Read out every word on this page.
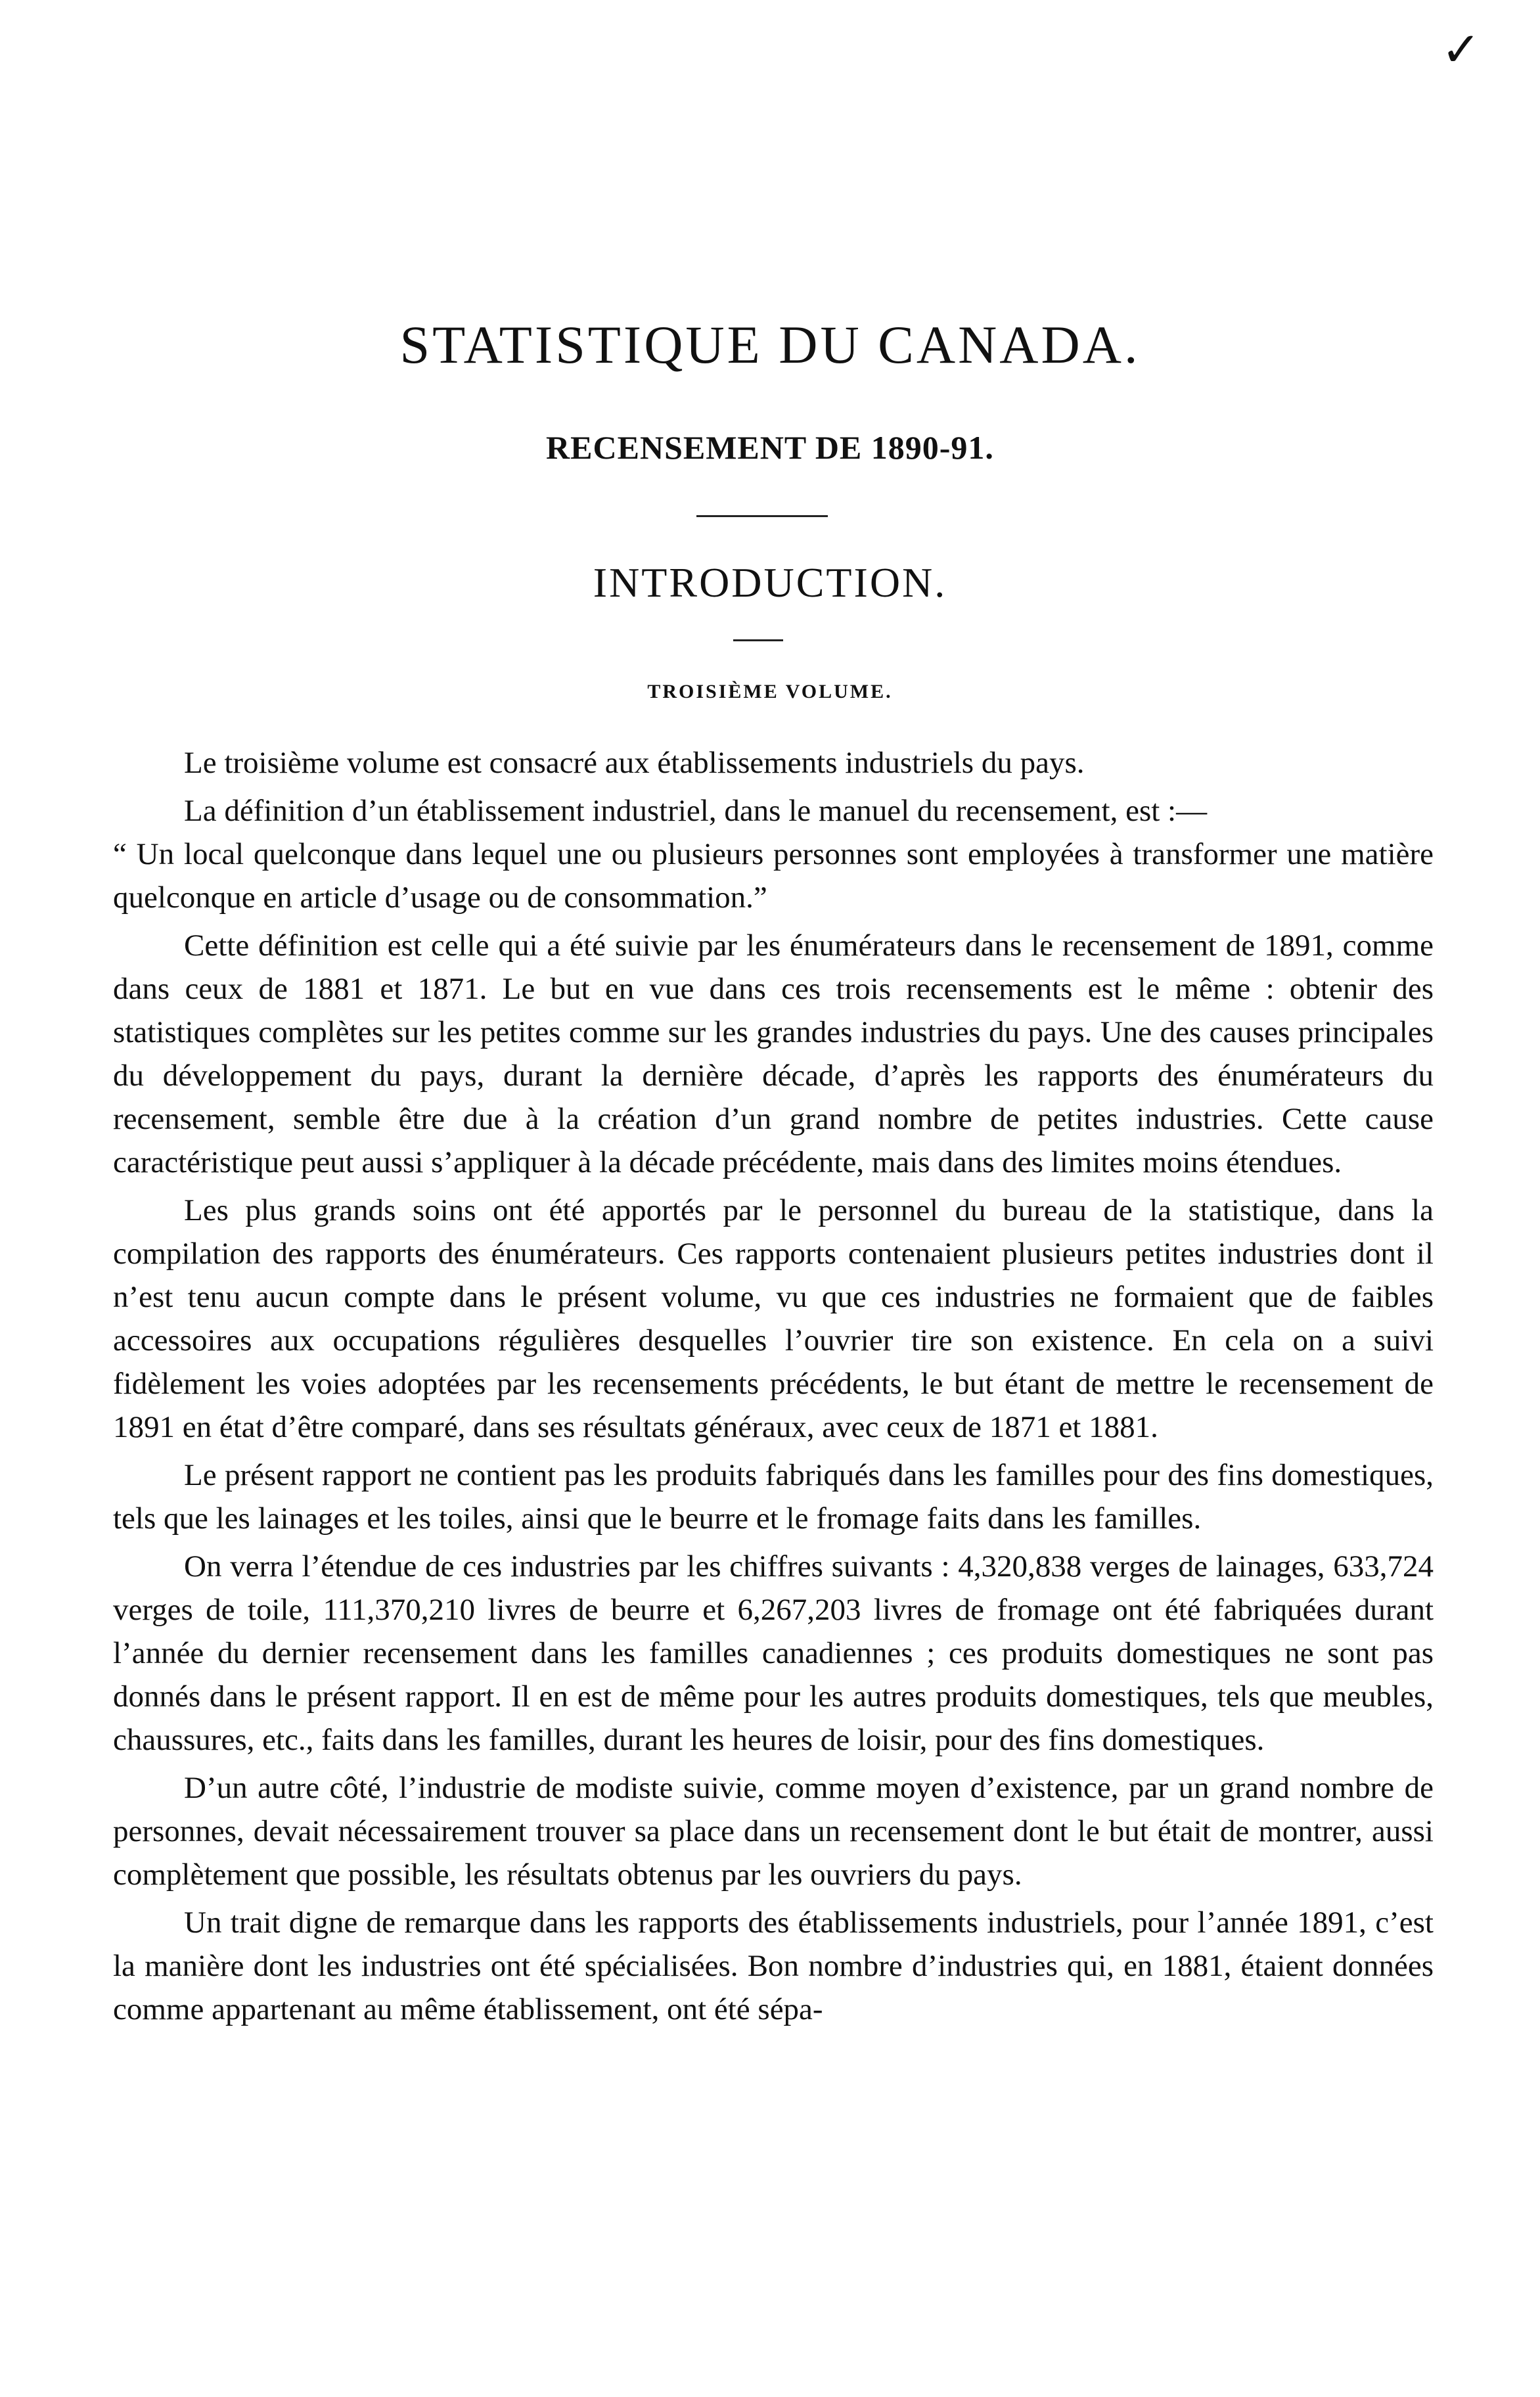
✓
STATISTIQUE DU CANADA.
RECENSEMENT DE 1890-91.
INTRODUCTION.
TROISIÈME VOLUME.

Le troisième volume est consacré aux établissements industriels du pays.

La définition d’un établissement industriel, dans le manuel du recensement, est :—

“ Un local quelconque dans lequel une ou plusieurs personnes sont employées à transformer une matière quelconque en article d’usage ou de consommation.”

Cette définition est celle qui a été suivie par les énumérateurs dans le recensement de 1891, comme dans ceux de 1881 et 1871. Le but en vue dans ces trois recensements est le même : obtenir des statistiques complètes sur les petites comme sur les grandes industries du pays. Une des causes principales du développement du pays, durant la dernière décade, d’après les rapports des énumérateurs du recensement, semble être due à la création d’un grand nombre de petites industries. Cette cause caractéristique peut aussi s’appliquer à la décade précédente, mais dans des limites moins étendues.

Les plus grands soins ont été apportés par le personnel du bureau de la statistique, dans la compilation des rapports des énumérateurs. Ces rapports contenaient plusieurs petites industries dont il n’est tenu aucun compte dans le présent volume, vu que ces industries ne formaient que de faibles accessoires aux occupations régulières desquelles l’ouvrier tire son existence. En cela on a suivi fidèlement les voies adoptées par les recensements précédents, le but étant de mettre le recensement de 1891 en état d’être comparé, dans ses résultats généraux, avec ceux de 1871 et 1881.

Le présent rapport ne contient pas les produits fabriqués dans les familles pour des fins domestiques, tels que les lainages et les toiles, ainsi que le beurre et le fromage faits dans les familles.

On verra l’étendue de ces industries par les chiffres suivants : 4,320,838 verges de lainages, 633,724 verges de toile, 111,370,210 livres de beurre et 6,267,203 livres de fromage ont été fabriquées durant l’année du dernier recensement dans les familles canadiennes ; ces produits domestiques ne sont pas donnés dans le présent rapport. Il en est de même pour les autres produits domestiques, tels que meubles, chaussures, etc., faits dans les familles, durant les heures de loisir, pour des fins domestiques.

D’un autre côté, l’industrie de modiste suivie, comme moyen d’existence, par un grand nombre de personnes, devait nécessairement trouver sa place dans un recensement dont le but était de montrer, aussi complètement que possible, les résultats obtenus par les ouvriers du pays.

Un trait digne de remarque dans les rapports des établissements industriels, pour l’année 1891, c’est la manière dont les industries ont été spécialisées. Bon nombre d’industries qui, en 1881, étaient données comme appartenant au même établissement, ont été sépa-
